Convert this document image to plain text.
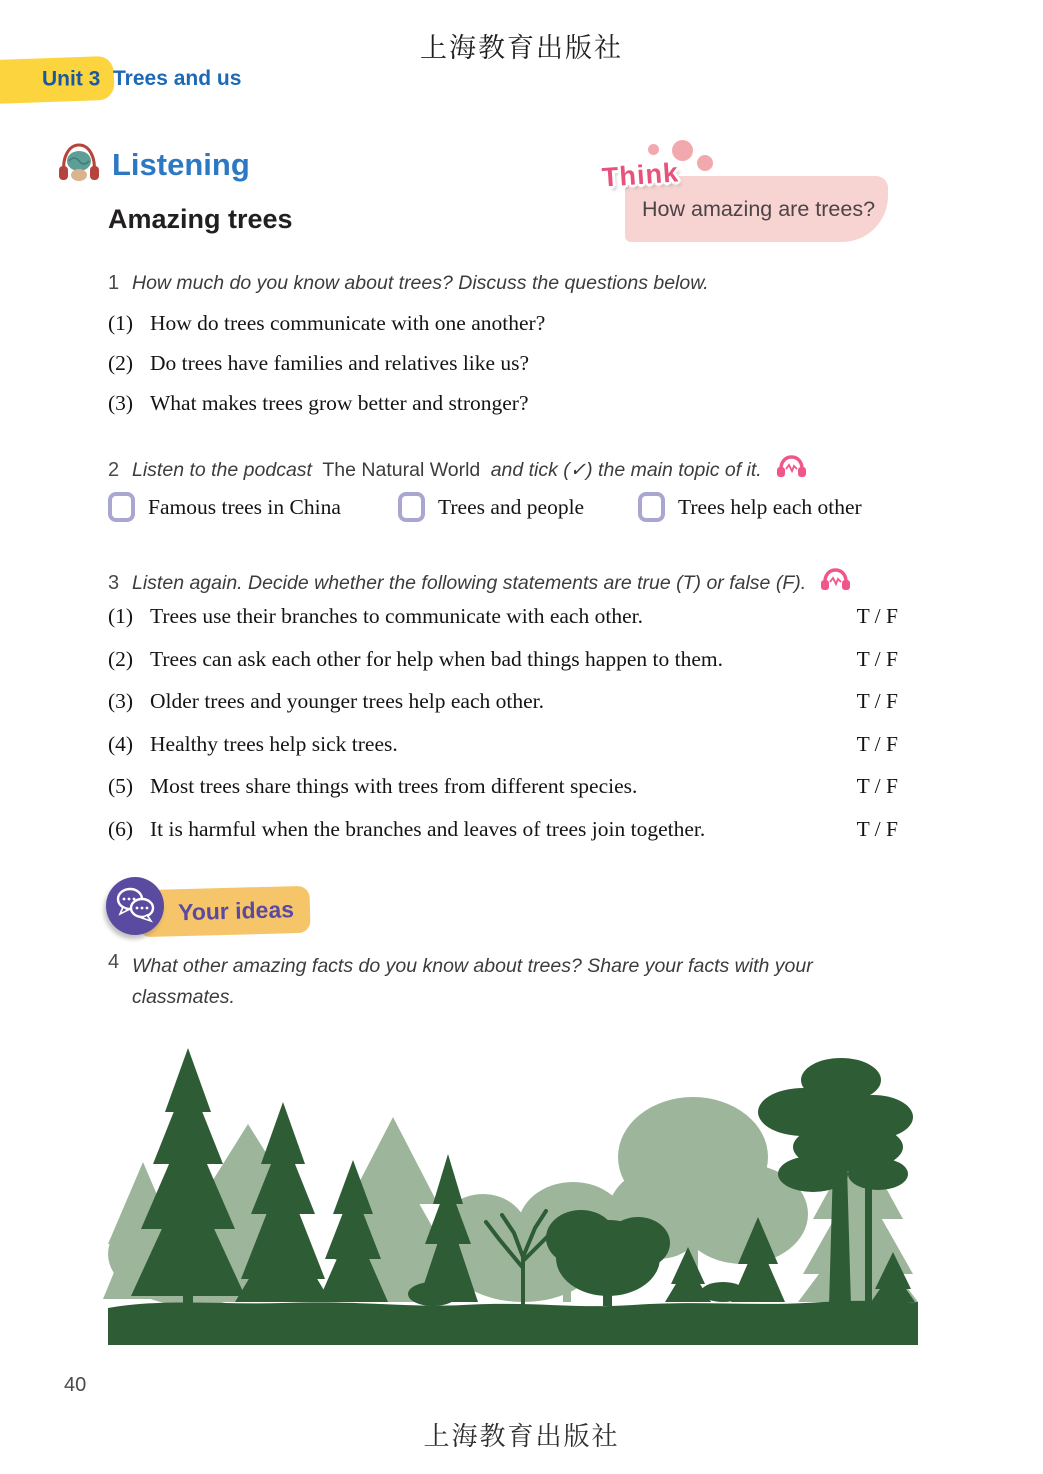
上海教育出版社
Unit 3 Trees and us
Listening
Amazing trees	How amazing are trees?
Think
1 How much do you know about trees? Discuss the questions below.
(1) How do trees communicate with one another?
(2) Do trees have families and relatives like us?
(3) What makes trees grow better and stronger?
2 Listen to the podcast The Natural World and tick (✓) the main topic of it.
Famous trees in China	Trees and people	Trees help each other
3 Listen again. Decide whether the following statements are true (T) or false (F).
(1) Trees use their branches to communicate with each other.	T / F
(2) Trees can ask each other for help when bad things happen to them.	T / F
(3) Older trees and younger trees help each other.	T / F
(4) Healthy trees help sick trees.	T / F
(5) Most trees share things with trees from different species.	T / F
(6) It is harmful when the branches and leaves of trees join together.	T / F
Your ideas
4 What other amazing facts do you know about trees? Share your facts with your classmates.
40
上海教育出版社
